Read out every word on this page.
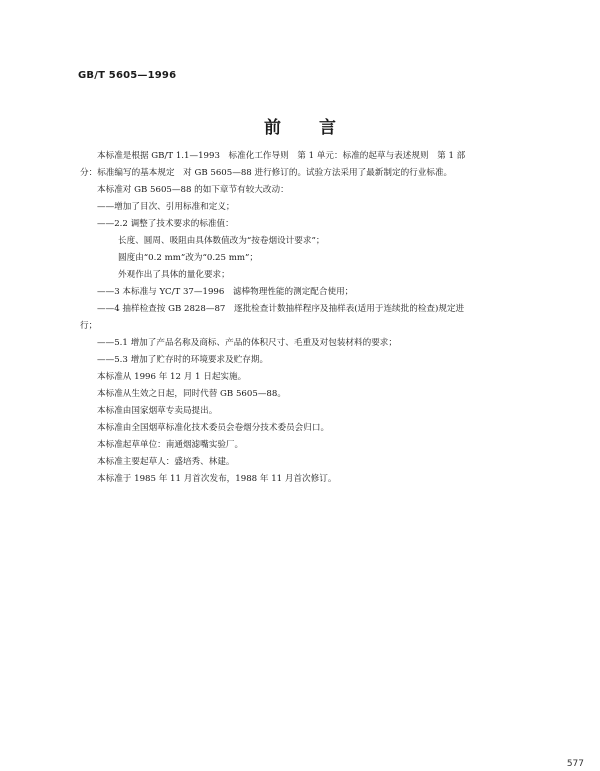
GB/T 5605—1996
前言
本标准是根据 GB/T 1.1—1993　标准化工作导则　第 1 单元：标准的起草与表述规则　第 1 部
分：标准编写的基本规定　对 GB 5605—88 进行修订的。试验方法采用了最新制定的行业标准。
本标准对 GB 5605—88 的如下章节有较大改动：
——增加了目次、引用标准和定义；
——2.2 调整了技术要求的标准值：
长度、圆周、吸阻由具体数值改为“按卷烟设计要求”；
圆度由“0.2 mm”改为“0.25 mm”；
外观作出了具体的量化要求；
——3 本标准与 YC/T 37—1996　滤棒物理性能的测定配合使用；
——4 抽样检查按 GB 2828—87　逐批检查计数抽样程序及抽样表(适用于连续批的检查)规定进
行；
——5.1 增加了产品名称及商标、产品的体积尺寸、毛重及对包装材料的要求；
——5.3 增加了贮存时的环境要求及贮存期。
本标准从 1996 年 12 月 1 日起实施。
本标准从生效之日起，同时代替 GB 5605—88。
本标准由国家烟草专卖局提出。
本标准由全国烟草标准化技术委员会卷烟分技术委员会归口。
本标准起草单位：南通烟滤嘴实验厂。
本标准主要起草人：盛培秀、林建。
本标准于 1985 年 11 月首次发布，1988 年 11 月首次修订。
577
